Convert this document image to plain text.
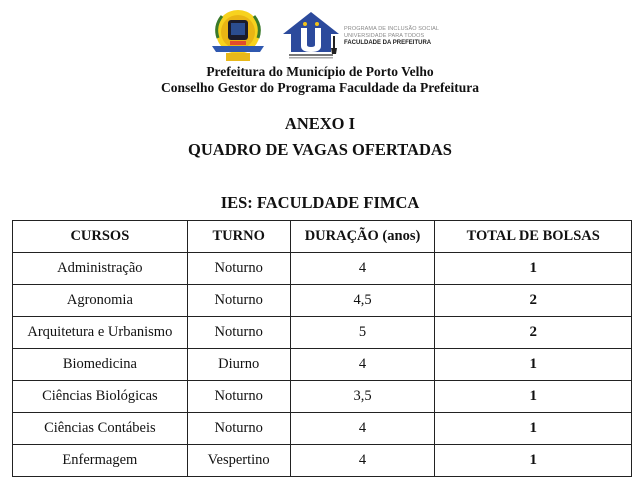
PROGRAMA DE INCLUSÃO SOCIAL
UNIVERSIDADE PARA TODOS
FACULDADE DA PREFEITURA
Prefeitura do Município de Porto Velho
Conselho Gestor do Programa Faculdade da Prefeitura
ANEXO I
QUADRO DE VAGAS OFERTADAS
IES: FACULDADE FIMCA
CURSOS	TURNO	DURAÇÃO (anos)	TOTAL DE BOLSAS
Administração	Noturno	4	1
Agronomia	Noturno	4,5	2
Arquitetura e Urbanismo	Noturno	5	2
Biomedicina	Diurno	4	1
Ciências Biológicas	Noturno	3,5	1
Ciências Contábeis	Noturno	4	1
Enfermagem	Vespertino	4	1
